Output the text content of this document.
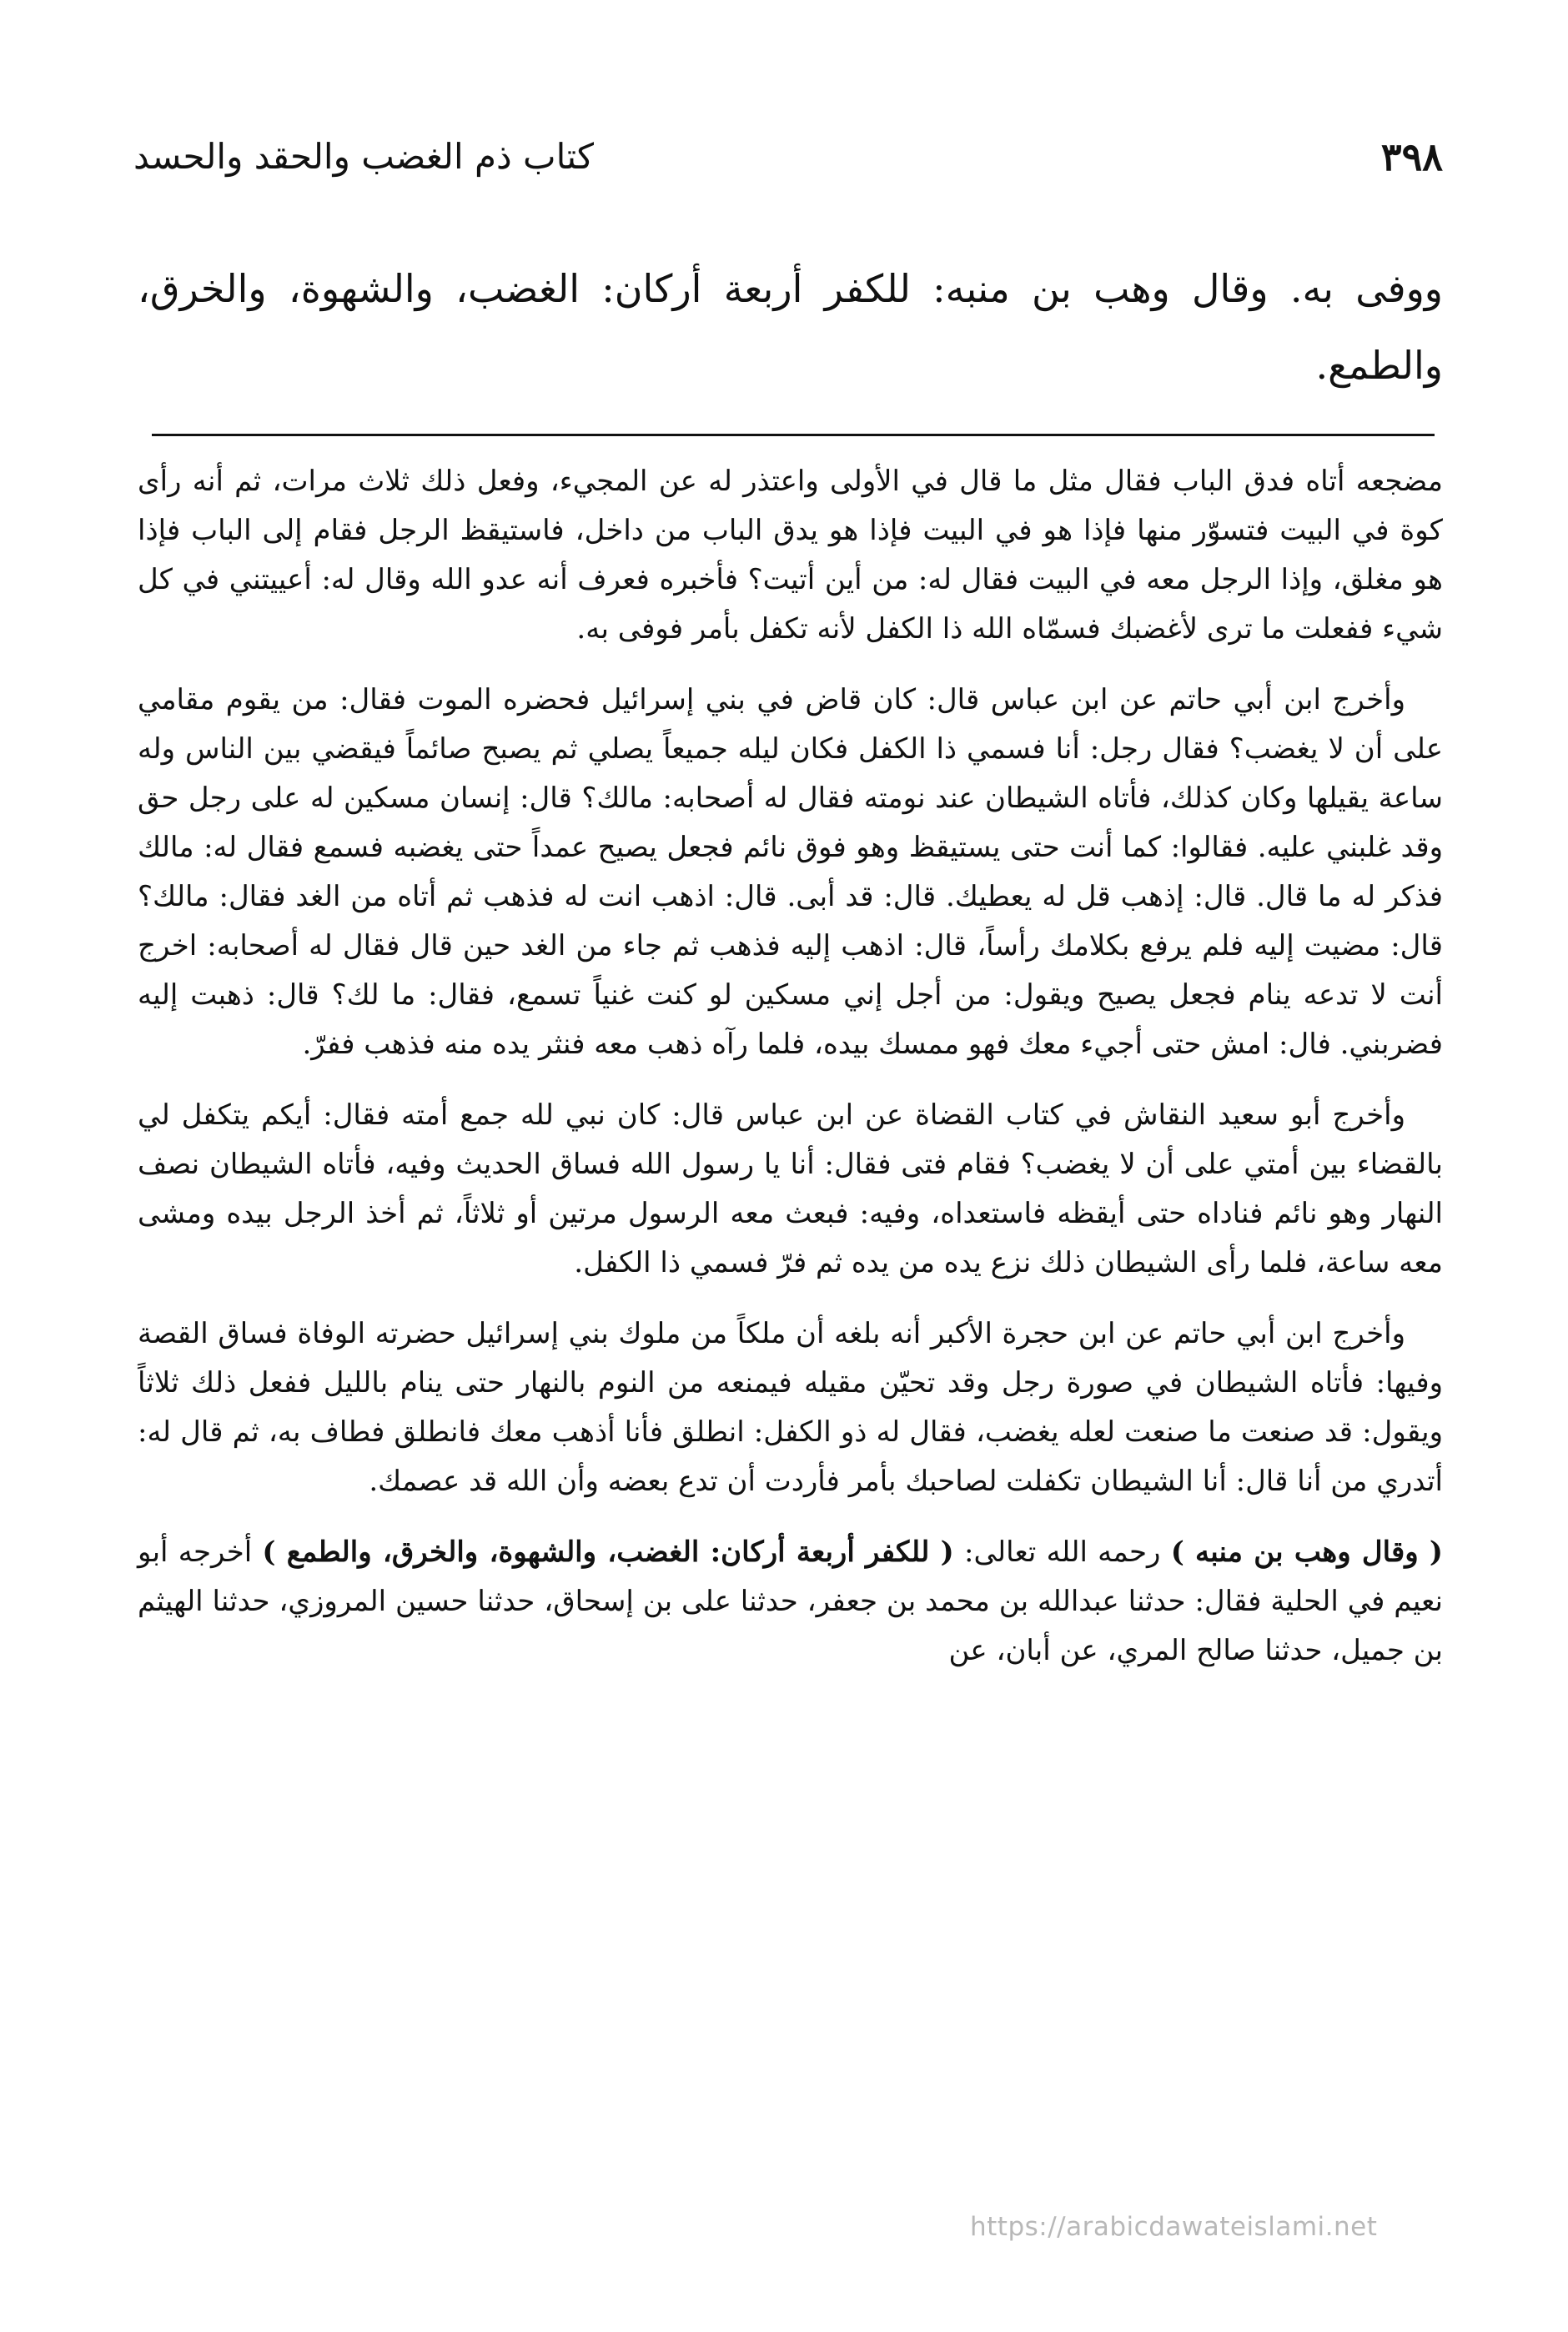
٣٩٨
كتاب ذم الغضب والحقد والحسد

ووفى به. وقال وهب بن منبه: للكفر أربعة أركان: الغضب، والشهوة، والخرق، والطمع.

مضجعه أتاه فدق الباب فقال مثل ما قال في الأولى واعتذر له عن المجيء، وفعل ذلك ثلاث مرات، ثم أنه رأى كوة في البيت فتسوّر منها فإذا هو في البيت فإذا هو يدق الباب من داخل، فاستيقظ الرجل فقام إلى الباب فإذا هو مغلق، وإذا الرجل معه في البيت فقال له: من أين أتيت؟ فأخبره فعرف أنه عدو الله وقال له: أعييتني في كل شيء ففعلت ما ترى لأغضبك فسمّاه الله ذا الكفل لأنه تكفل بأمر فوفى به.

وأخرج ابن أبي حاتم عن ابن عباس قال: كان قاض في بني إسرائيل فحضره الموت فقال: من يقوم مقامي على أن لا يغضب؟ فقال رجل: أنا فسمي ذا الكفل فكان ليله جميعاً يصلي ثم يصبح صائماً فيقضي بين الناس وله ساعة يقيلها وكان كذلك، فأتاه الشيطان عند نومته فقال له أصحابه: مالك؟ قال: إنسان مسكين له على رجل حق وقد غلبني عليه. فقالوا: كما أنت حتى يستيقظ وهو فوق نائم فجعل يصيح عمداً حتى يغضبه فسمع فقال له: مالك فذكر له ما قال. قال: إذهب قل له يعطيك. قال: قد أبى. قال: اذهب انت له فذهب ثم أتاه من الغد فقال: مالك؟ قال: مضيت إليه فلم يرفع بكلامك رأساً، قال: اذهب إليه فذهب ثم جاء من الغد حين قال فقال له أصحابه: اخرج أنت لا تدعه ينام فجعل يصيح ويقول: من أجل إني مسكين لو كنت غنياً تسمع، فقال: ما لك؟ قال: ذهبت إليه فضربني. فال: امش حتى أجيء معك فهو ممسك بيده، فلما رآه ذهب معه فنثر يده منه فذهب ففرّ.

وأخرج أبو سعيد النقاش في كتاب القضاة عن ابن عباس قال: كان نبي لله جمع أمته فقال: أيكم يتكفل لي بالقضاء بين أمتي على أن لا يغضب؟ فقام فتى فقال: أنا يا رسول الله فساق الحديث وفيه، فأتاه الشيطان نصف النهار وهو نائم فناداه حتى أيقظه فاستعداه، وفيه: فبعث معه الرسول مرتين أو ثلاثاً، ثم أخذ الرجل بيده ومشى معه ساعة، فلما رأى الشيطان ذلك نزع يده من يده ثم فرّ فسمي ذا الكفل.

وأخرج ابن أبي حاتم عن ابن حجرة الأكبر أنه بلغه أن ملكاً من ملوك بني إسرائيل حضرته الوفاة فساق القصة وفيها: فأتاه الشيطان في صورة رجل وقد تحيّن مقيله فيمنعه من النوم بالنهار حتى ينام بالليل ففعل ذلك ثلاثاً ويقول: قد صنعت ما صنعت لعله يغضب، فقال له ذو الكفل: انطلق فأنا أذهب معك فانطلق فطاف به، ثم قال له: أتدري من أنا قال: أنا الشيطان تكفلت لصاحبك بأمر فأردت أن تدع بعضه وأن الله قد عصمك.

( وقال وهب بن منبه ) رحمه الله تعالى: ( للكفر أربعة أركان: الغضب، والشهوة، والخرق، والطمع ) أخرجه أبو نعيم في الحلية فقال: حدثنا عبدالله بن محمد بن جعفر، حدثنا على بن إسحاق، حدثنا حسين المروزي، حدثنا الهيثم بن جميل، حدثنا صالح المري، عن أبان، عن

https://arabicdawateislami.net
